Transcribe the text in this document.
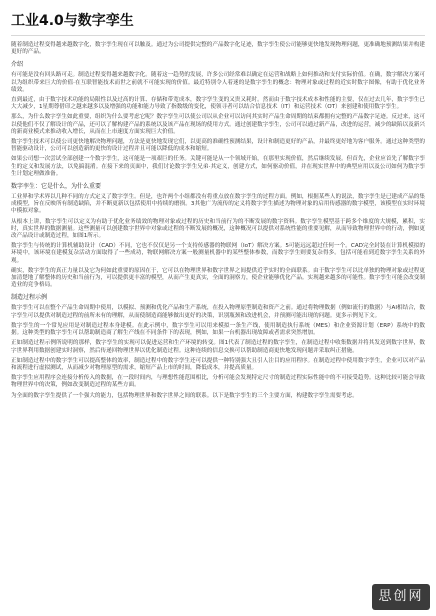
工业4.0与数字孪生

随着制造过程变得越来越数字化，数字孪生现在可以触及。通过为公司提供完整的产品数字化足迹，数字孪生使公司能够更快地发现物理问题，更准确地预测结果并构建更好的产品。

介绍

有可能是没有回头路可走。制造过程变得越来越数字化。随着这一趋势的发展，许多公司经常难以确定在运营和战略上如何推动和支付实际价值。在确，数字解决方案可以为组织带来巨大的价值·在互联智能技术而世之前就不可能实现的价值。最近特别令人着迷的是数字孪生的概念：物理对象或过程的近实时数字图像，有助于优化业务绩效。

直到最近，由于数字技术功能的局限性以及过高的计算、存储和带宽成本，数字孪生变的又贵又耗时。然而由于数字技术成本和性能的主要，仅在过去几年，数字孪生已大大减少，1星期尊借印之越来越多以及增强的功能和能力导致了指数级的变化，使领寻者可以结合信息技术（IT）和运营技术（OT）来创建和使用数字孪生。

那么，为什么数字孪生如此重要，组织为什么要考虑它呢？数字孪生可以使公司以从企业可以访问其实时产品生命周期的结束都拥有完整的产品数字足迹。反过来，这可以使他们不仅了解设计的产品，还可以了解构建产品的系统以及该产品在现场的使用方式。通过创建数字孪生，公司可以通过新产品，改进的运营，减少的缺陷以及新兴的新商业模式来推动收入增长，从而在上市速度方面实现巨大价值。

数字孪生技术可以使公司更快地解决物理问题，方法是更快地发现它们，以更高的准确性预测结果，设计和制造更好的产品，并最终更好地为客户服务。通过这种类型的智能驱动设计，公司可以创造新的更快的设计过程并且可能以降低的成本和缩短。

如果公司想一次尝试全部创建一个数字孪生，这可能是一项艰巨的任务。关键可能是从一个领域开始，在那里实现价值，然后继续发展。但首先，企业应首先了解数字孪生的定义和发展方法，以免搞混淆。在接下来的页面中，我们讨论数字孪生兄弟·其定义，创建方式，如何驱动价值，并在现实世界中的典型应用以及公司如何为数字孪生计划定理做准备。

数字孪生：它是什么，为什么重要

工业界和学术界以几种不同的方式定义了数字孪生。但是，也许两个小组都没有将重点放在数字孪生的过程方面。例如，根据某些人的说法，数字孪生是已建成产品的集成模型，旨在反映所有制造缺陷，并不断更新以包括使用中持续的磨损。3其他广为流传的定义将数字孪生描述为物理对象的启用传感器的数字模型，该模型在实时环境中模拟对象。

从根本上讲，数字孪生可以定义为有助于优化业务绩效的物理对象或过程的历史和当前行为的不断发展的数字资料。数字孪生模型基于跨多个维度的大规模，累积，实时，真实世界的数据测量。这些测量可以创建数字世界中对象或过程的不断发展的概况，这种概况可以提供对系统性能的重要见解，从而导致物理世界中的行动，例如更改产品设计或制造过程，如图1所示。

数字孪生与传统的计算机辅助设计（CAD）不同，它也不仅仅是另一个支持传感器的物联网（IoT）解决方案。5可能远远超过任何一个。CAD完全封装在计算机模拟的环境中，该环境在建模复杂活动方面取得了一些成功，物联网解决方案一般测量机器中的某些整体参数，而数字孪生则要复杂得多。包括可能看到近数字孪生关系的外观。

确实，数字孪生的真正力量以及它为何如此重要的原因在于，它可以在物理世界和数字世界之间提供近乎实时的全面联系。由于数字孪生可以比单独的物理对象或过程更加清楚地了解整体的历史和当前行为，可以提供更丰富的模型，从而产生更真实，全面的洞察力，使企业能够优化产品。实现越来越多的可能性。数字孪生可能会改变制造业的竞争格局。

制造过程示例

数字孪生可以在整个产品生命周期中使用，以模拟、预测和优化产品和生产系统，在投入物理原型制造和资产之前。通过将物理数据（例如流行的数据）与AI相结合，数字孪生可以提供对制造过程的前所未有的理解，从而使制造商能够做出更好的决策，识别瓶颈和改进机会，并预测可能出现的问题。更多示例见下文。

数字孪生的一个常见应用是对制造过程本身建模。在此示例中，数字孪生可以用来模拟一条生产线，使用制造执行系统（MES）和企业资源计划（ERP）系统中的数据。这种类型的数字孪生可以帮助制造商了解生产线在不同条件下的表现，例如，如果一台机器出现故障或者需求突然增加。

正如制造过程示例所说明的那样，数字孪生的实现可以促进运营和生产环境的转变。图1代表了制造过程的数字孪生，在制造过程中收集数据并将其发送到数字世界，数字世界利用数据创建实时洞察，然后传递回物理世界以优化制造过程。这种连续的信息交换可以帮助制造商更快地发现问题并采取纠正措施。

正如制造过程中的数字孪生可以提高整体的效率，制造过程中的数字孪生还可以提供一种特别强大且引人注目的应用程序。在制造过程中使用数字孪生，企业可以对产品和流程进行虚拟测试，从而减少对物理原型的需求，缩短产品上市的时间，降低成本，并提高质量。

数字孪生应用程序会连接分析传入的数据，在一段时间内，与理想性能范围相比，分析可能会发现特定尺寸的制造过程实际性能中的不可接受趋势。这种比较可能会导致物理世界中的决策，例如改变制造过程的某些方面。

为全面的数字孪生提供了一个强大的能力，包括物理世界和数字世界之间的联系。以下是数字孪生的三个主要方面，构建数字孪生需要考虑。

思创网
